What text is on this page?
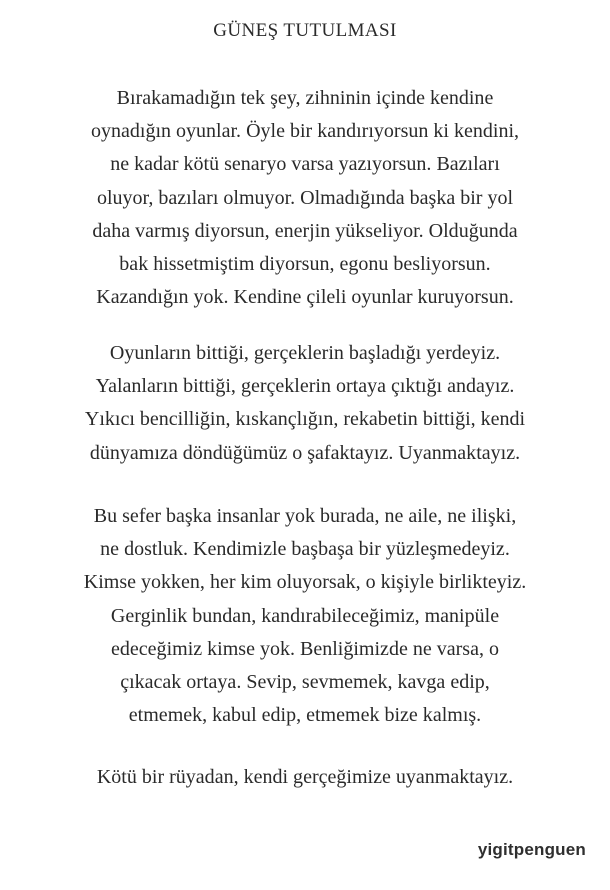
GÜNEŞ TUTULMASI
Bırakamadığın tek şey, zihninin içinde kendine
oynadığın oyunlar. Öyle bir kandırıyorsun ki kendini,
ne kadar kötü senaryo varsa yazıyorsun. Bazıları
oluyor, bazıları olmuyor. Olmadığında başka bir yol
daha varmış diyorsun, enerjin yükseliyor. Olduğunda
bak hissetmiştim diyorsun, egonu besliyorsun.
Kazandığın yok. Kendine çileli oyunlar kuruyorsun.
Oyunların bittiği, gerçeklerin başladığı yerdeyiz.
Yalanların bittiği, gerçeklerin ortaya çıktığı andayız.
Yıkıcı bencilliğin, kıskançlığın, rekabetin bittiği, kendi
dünyamıza döndüğümüz o şafaktayız. Uyanmaktayız.
Bu sefer başka insanlar yok burada, ne aile, ne ilişki,
ne dostluk. Kendimizle başbaşa bir yüzleşmedeyiz.
Kimse yokken, her kim oluyorsak, o kişiyle birlikteyiz.
Gerginlik bundan, kandırabileceğimiz, manipüle
edeceğimiz kimse yok. Benliğimizde ne varsa, o
çıkacak ortaya. Sevip, sevmemek, kavga edip,
etmemek, kabul edip, etmemek bize kalmış.
Kötü bir rüyadan, kendi gerçeğimize uyanmaktayız.
yigitpenguen
